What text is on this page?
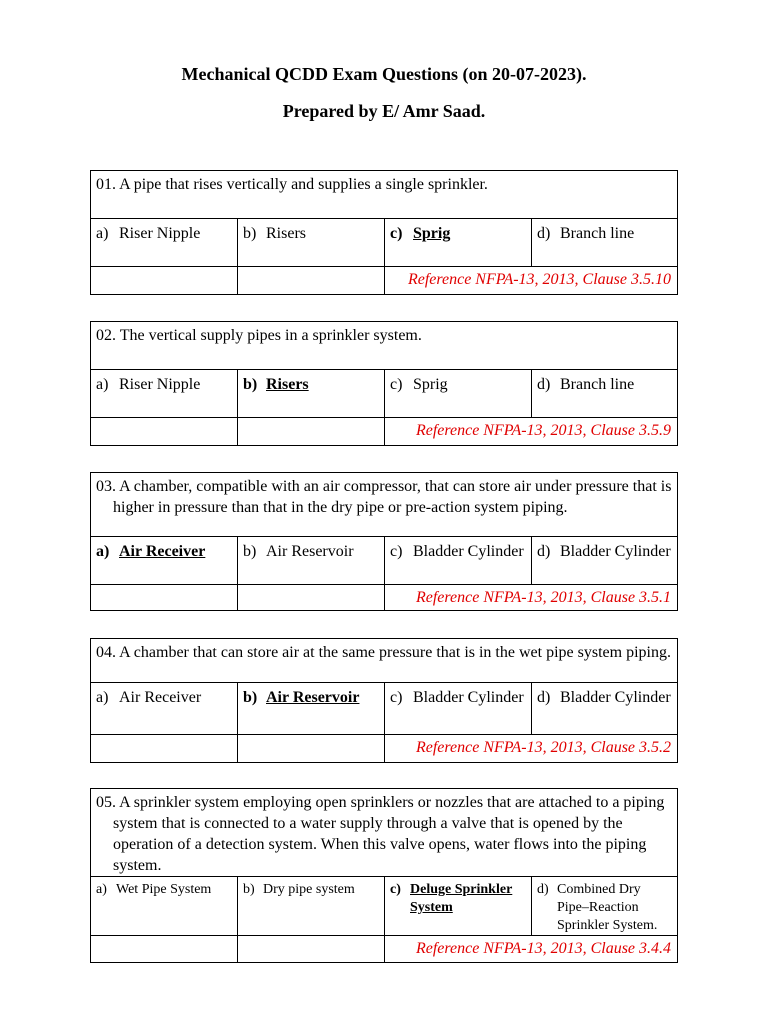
Mechanical QCDD Exam Questions (on 20-07-2023).

Prepared by E/ Amr Saad.

01. A pipe that rises vertically and supplies a single sprinkler.			

a) Riser Nipple	b) Risers	c) Sprig	d) Branch line

		Reference NFPA-13, 2013, Clause 3.5.10	
02. The vertical supply pipes in a sprinkler system.			

a) Riser Nipple	b) Risers	c) Sprig	d) Branch line

		Reference NFPA-13, 2013, Clause 3.5.9	
03. A chamber, compatible with an air compressor, that can store air under pressure that is higher in pressure than that in the dry pipe or pre-action system piping.			

a) Air Receiver	b) Air Reservoir	c) Bladder Cylinder	d) Bladder Cylinder

		Reference NFPA-13, 2013, Clause 3.5.1	
04. A chamber that can store air at the same pressure that is in the wet pipe system piping.			

a) Air Receiver	b) Air Reservoir	c) Bladder Cylinder	d) Bladder Cylinder

		Reference NFPA-13, 2013, Clause 3.5.2	
05. A sprinkler system employing open sprinklers or nozzles that are attached to a piping system that is connected to a water supply through a valve that is opened by the operation of a detection system. When this valve opens, water flows into the piping system.			

a) Wet Pipe System	b) Dry pipe system	c) Deluge Sprinkler System	d) Combined Dry Pipe–Reaction Sprinkler System.

		Reference NFPA-13, 2013, Clause 3.4.4	
